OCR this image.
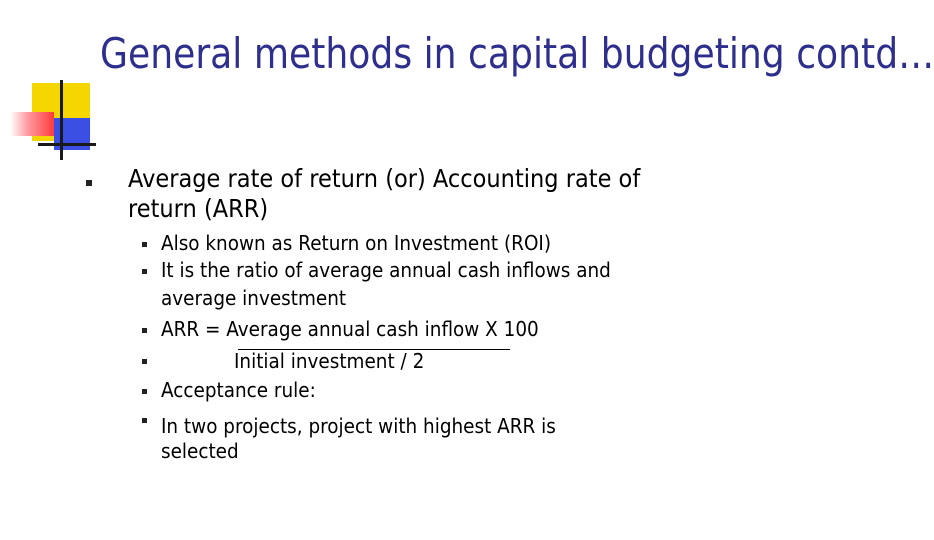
General methods in capital budgeting contd…
Average rate of return (or) Accounting rate of return (ARR)
Also known as Return on Investment (ROI)
It is the ratio of average annual cash inflows and
average investment
ARR = Average annual cash inflow X 100
Initial investment / 2
Acceptance rule:
In two projects, project with highest ARR is
selected
